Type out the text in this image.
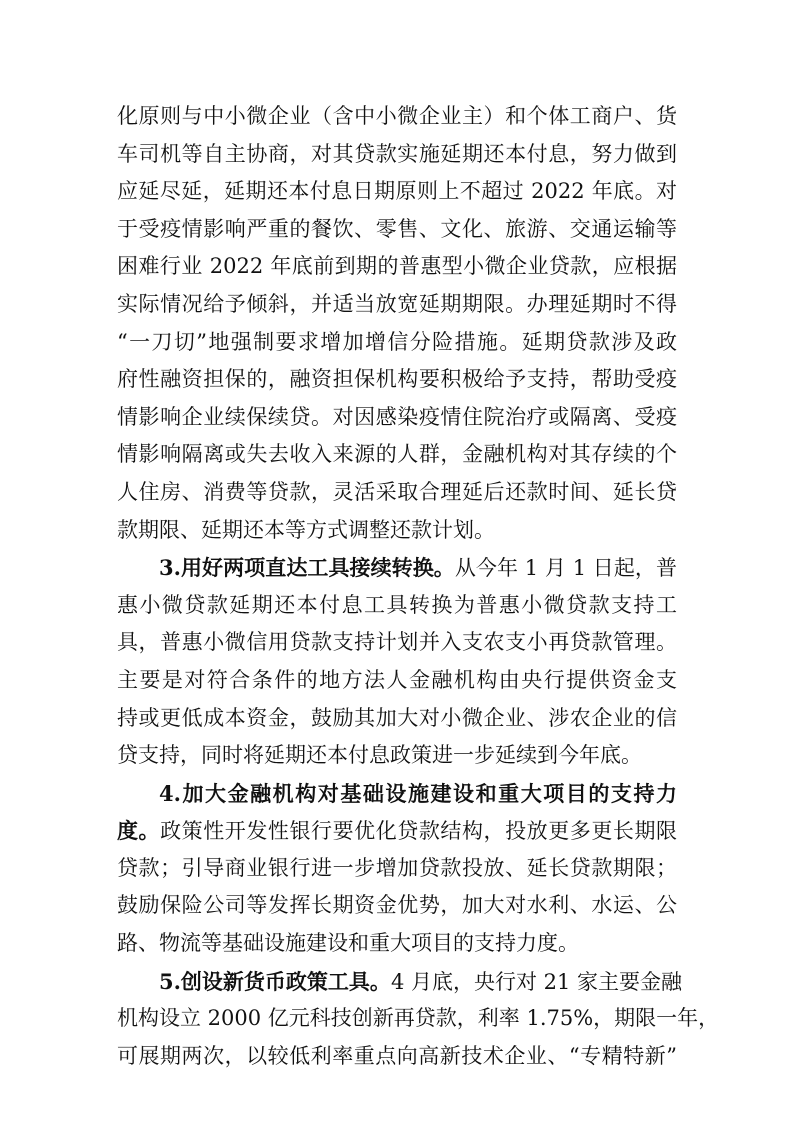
化原则与中小微企业（含中小微企业主）和个体工商户、货
车司机等自主协商，对其贷款实施延期还本付息，努力做到
应延尽延，延期还本付息日期原则上不超过 2022 年底。对
于受疫情影响严重的餐饮、零售、文化、旅游、交通运输等
困难行业 2022 年底前到期的普惠型小微企业贷款，应根据
实际情况给予倾斜，并适当放宽延期期限。办理延期时不得
“一刀切”地强制要求增加增信分险措施。延期贷款涉及政
府性融资担保的，融资担保机构要积极给予支持，帮助受疫
情影响企业续保续贷。对因感染疫情住院治疗或隔离、受疫
情影响隔离或失去收入来源的人群，金融机构对其存续的个
人住房、消费等贷款，灵活采取合理延后还款时间、延长贷
款期限、延期还本等方式调整还款计划。
3.用好两项直达工具接续转换。从今年 1 月 1 日起，普
惠小微贷款延期还本付息工具转换为普惠小微贷款支持工
具，普惠小微信用贷款支持计划并入支农支小再贷款管理。
主要是对符合条件的地方法人金融机构由央行提供资金支
持或更低成本资金，鼓励其加大对小微企业、涉农企业的信
贷支持，同时将延期还本付息政策进一步延续到今年底。
4.加大金融机构对基础设施建设和重大项目的支持力
度。政策性开发性银行要优化贷款结构，投放更多更长期限
贷款；引导商业银行进一步增加贷款投放、延长贷款期限；
鼓励保险公司等发挥长期资金优势，加大对水利、水运、公
路、物流等基础设施建设和重大项目的支持力度。
5.创设新货币政策工具。4 月底，央行对 21 家主要金融
机构设立 2000 亿元科技创新再贷款，利率 1.75%，期限一年，
可展期两次，以较低利率重点向高新技术企业、“专精特新”
